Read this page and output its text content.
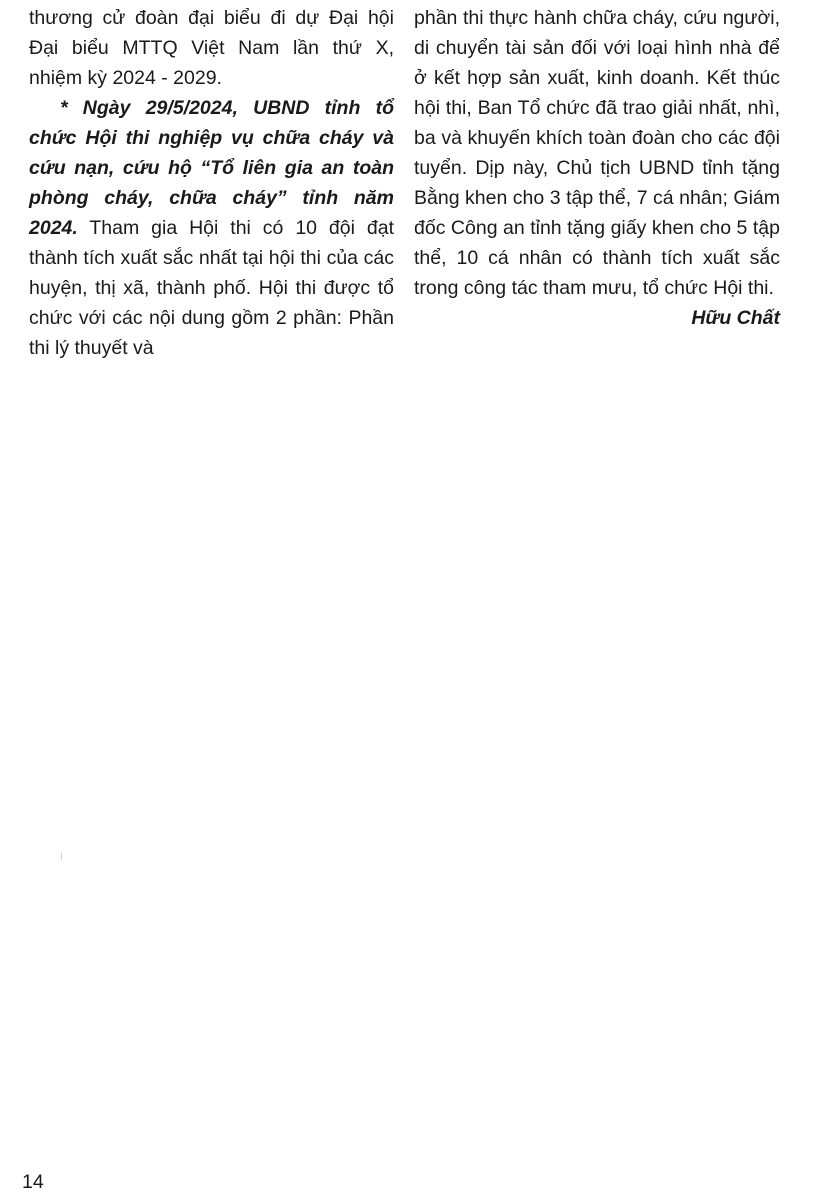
thương cử đoàn đại biểu đi dự Đại hội Đại biểu MTTQ Việt Nam lần thứ X, nhiệm kỳ 2024 - 2029.

* Ngày 29/5/2024, UBND tỉnh tổ chức Hội thi nghiệp vụ chữa cháy và cứu nạn, cứu hộ “Tổ liên gia an toàn phòng cháy, chữa cháy” tỉnh năm 2024. Tham gia Hội thi có 10 đội đạt thành tích xuất sắc nhất tại hội thi của các huyện, thị xã, thành phố. Hội thi được tổ chức với các nội dung gồm 2 phần: Phần thi lý thuyết và

phần thi thực hành chữa cháy, cứu người, di chuyển tài sản đối với loại hình nhà để ở kết hợp sản xuất, kinh doanh. Kết thúc hội thi, Ban Tổ chức đã trao giải nhất, nhì, ba và khuyến khích toàn đoàn cho các đội tuyển. Dịp này, Chủ tịch UBND tỉnh tặng Bằng khen cho 3 tập thể, 7 cá nhân; Giám đốc Công an tỉnh tặng giấy khen cho 5 tập thể, 10 cá nhân có thành tích xuất sắc trong công tác tham mưu, tổ chức Hội thi.

Hữu Chất

14
